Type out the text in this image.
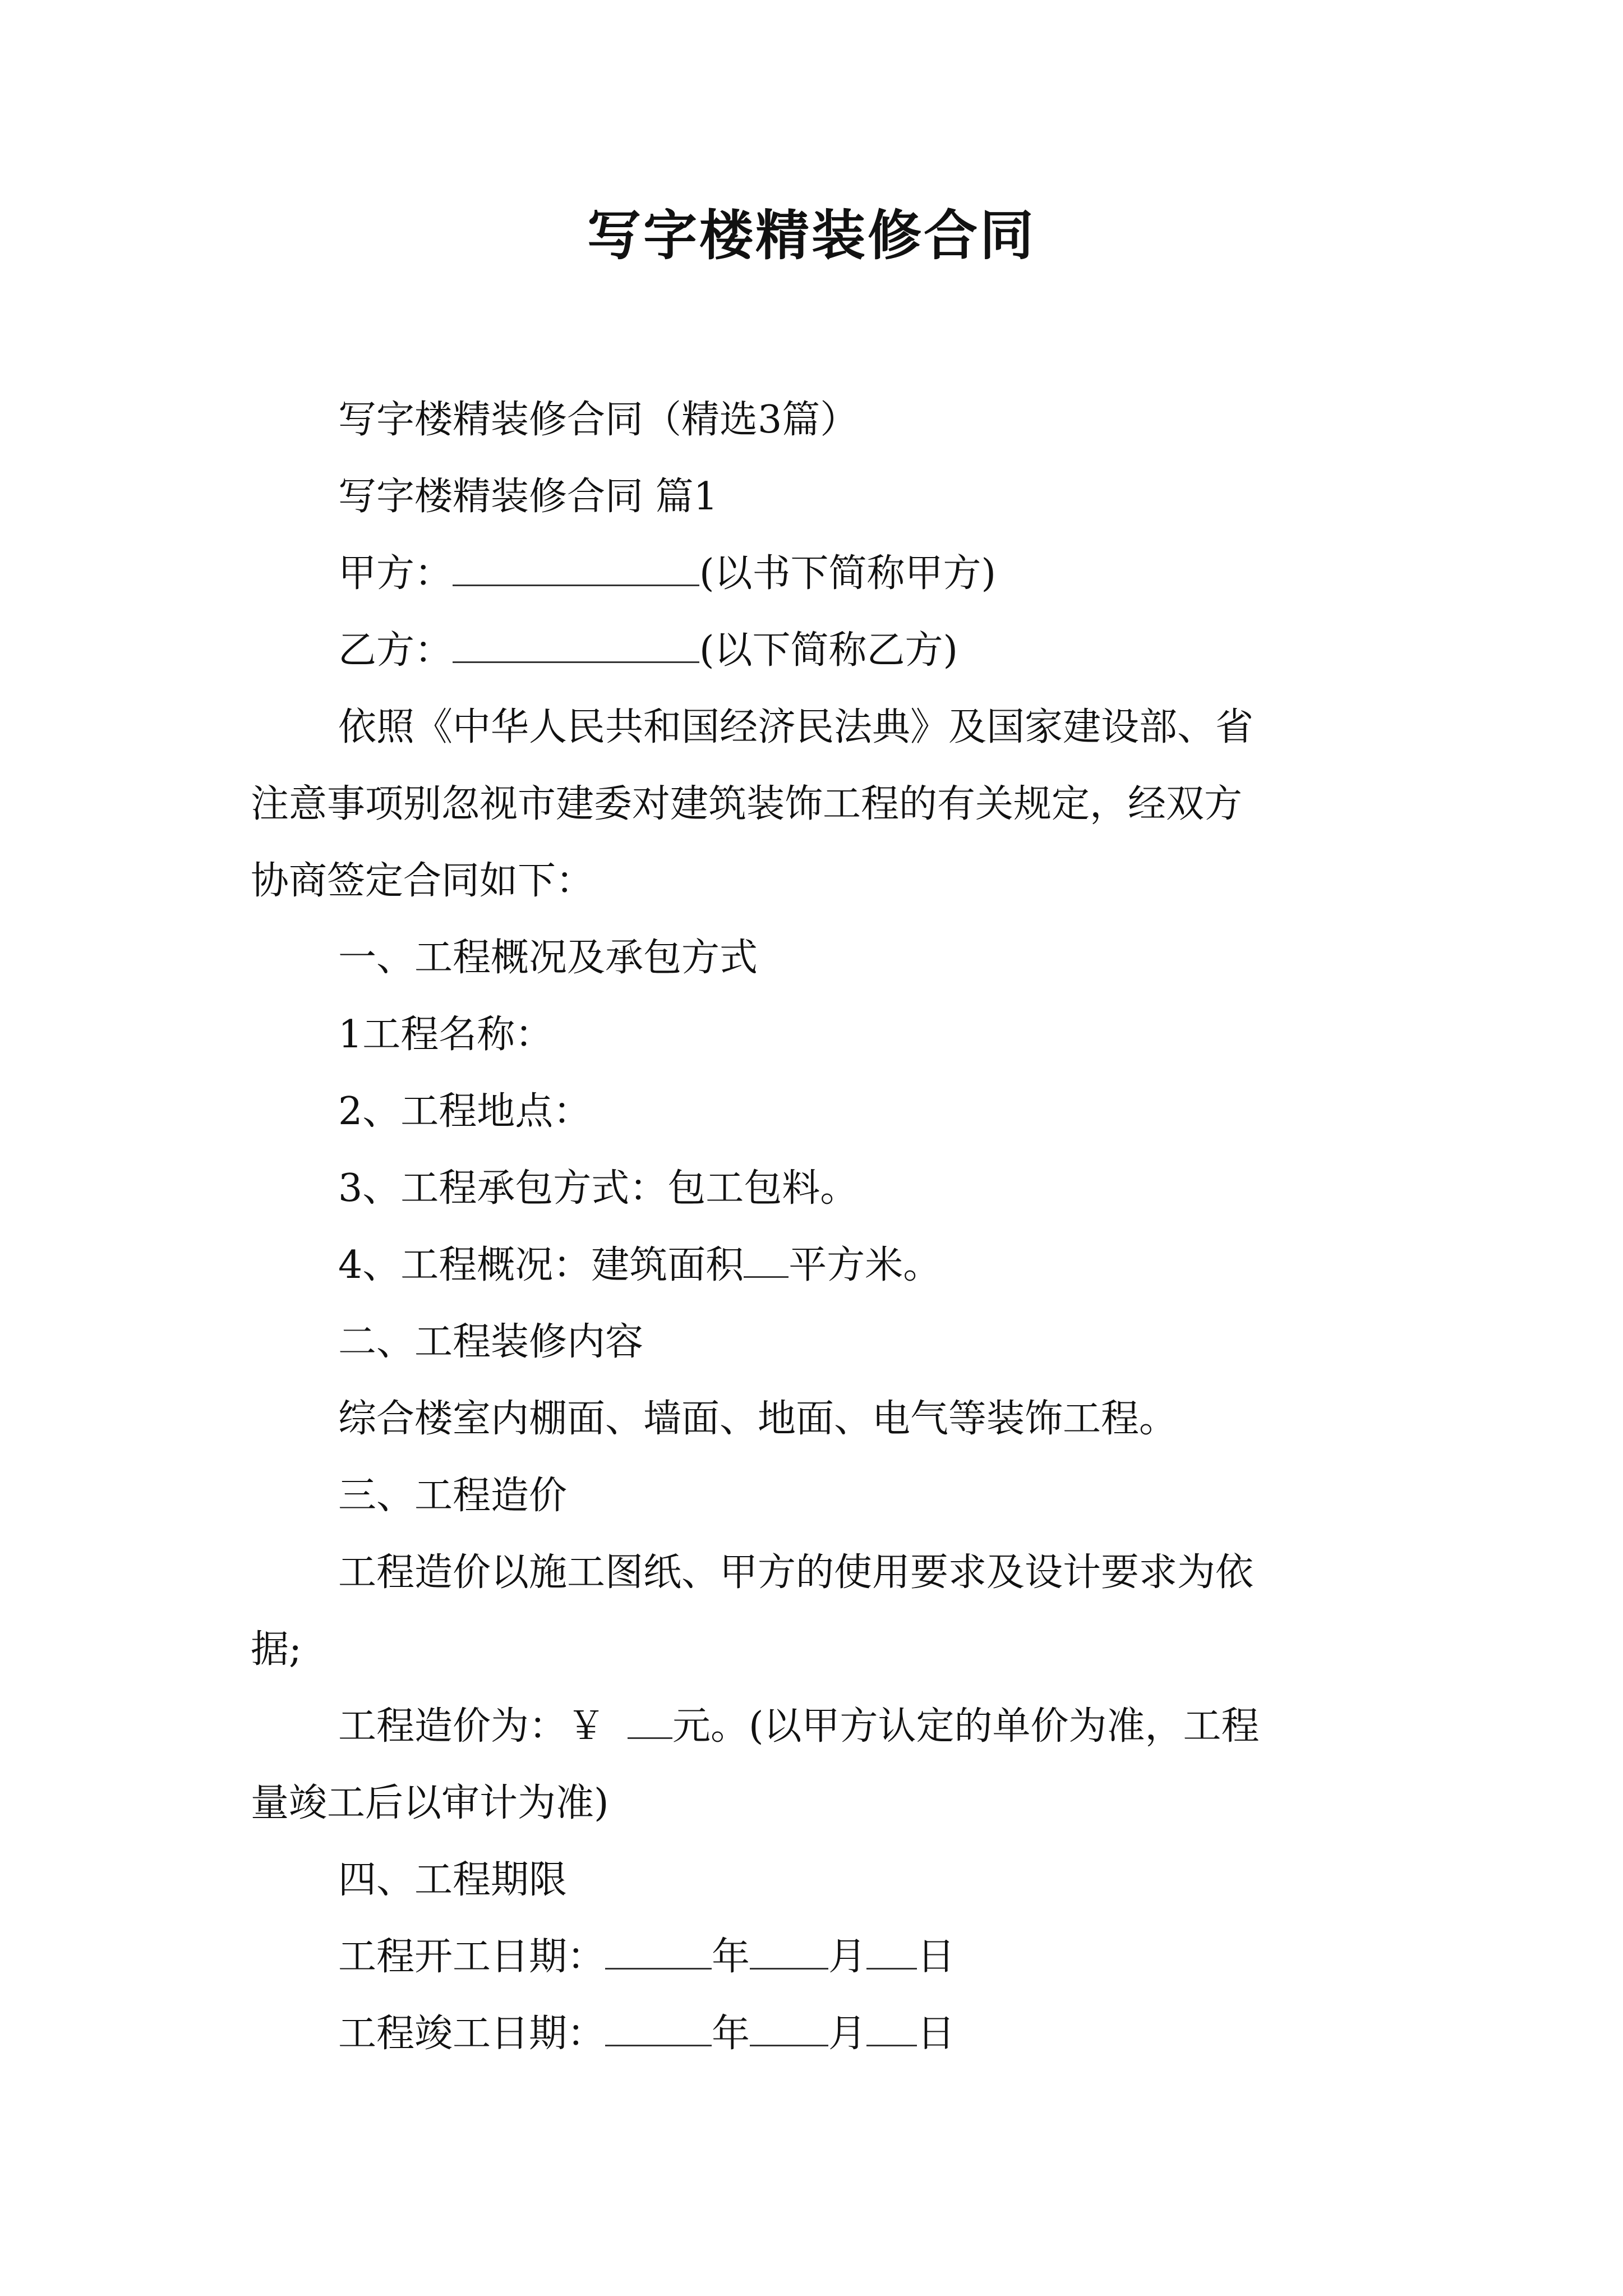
写字楼精装修合同

写字楼精装修合同（精选3篇）

写字楼精装修合同 篇1

甲方：	(以书下简称甲方)

乙方：	(以下简称乙方)

依照《中华人民共和国经济民法典》及国家建设部、省

注意事项别忽视市建委对建筑装饰工程的有关规定，经双方
协商签定合同如下：

一、工程概况及承包方式

1工程名称：

2、工程地点：

3、工程承包方式：包工包料。

4、工程概况：建筑面积 平方米。

二、工程装修内容

综合楼室内棚面、墙面、地面、电气等装饰工程。

三、工程造价

工程造价以施工图纸、甲方的使用要求及设计要求为依

据;

工程造价为：￥ 元。(以甲方认定的单价为准，工程

量竣工后以审计为准)

四、工程期限

工程开工日期：	年 月 日

工程竣工日期：	年 月 日
